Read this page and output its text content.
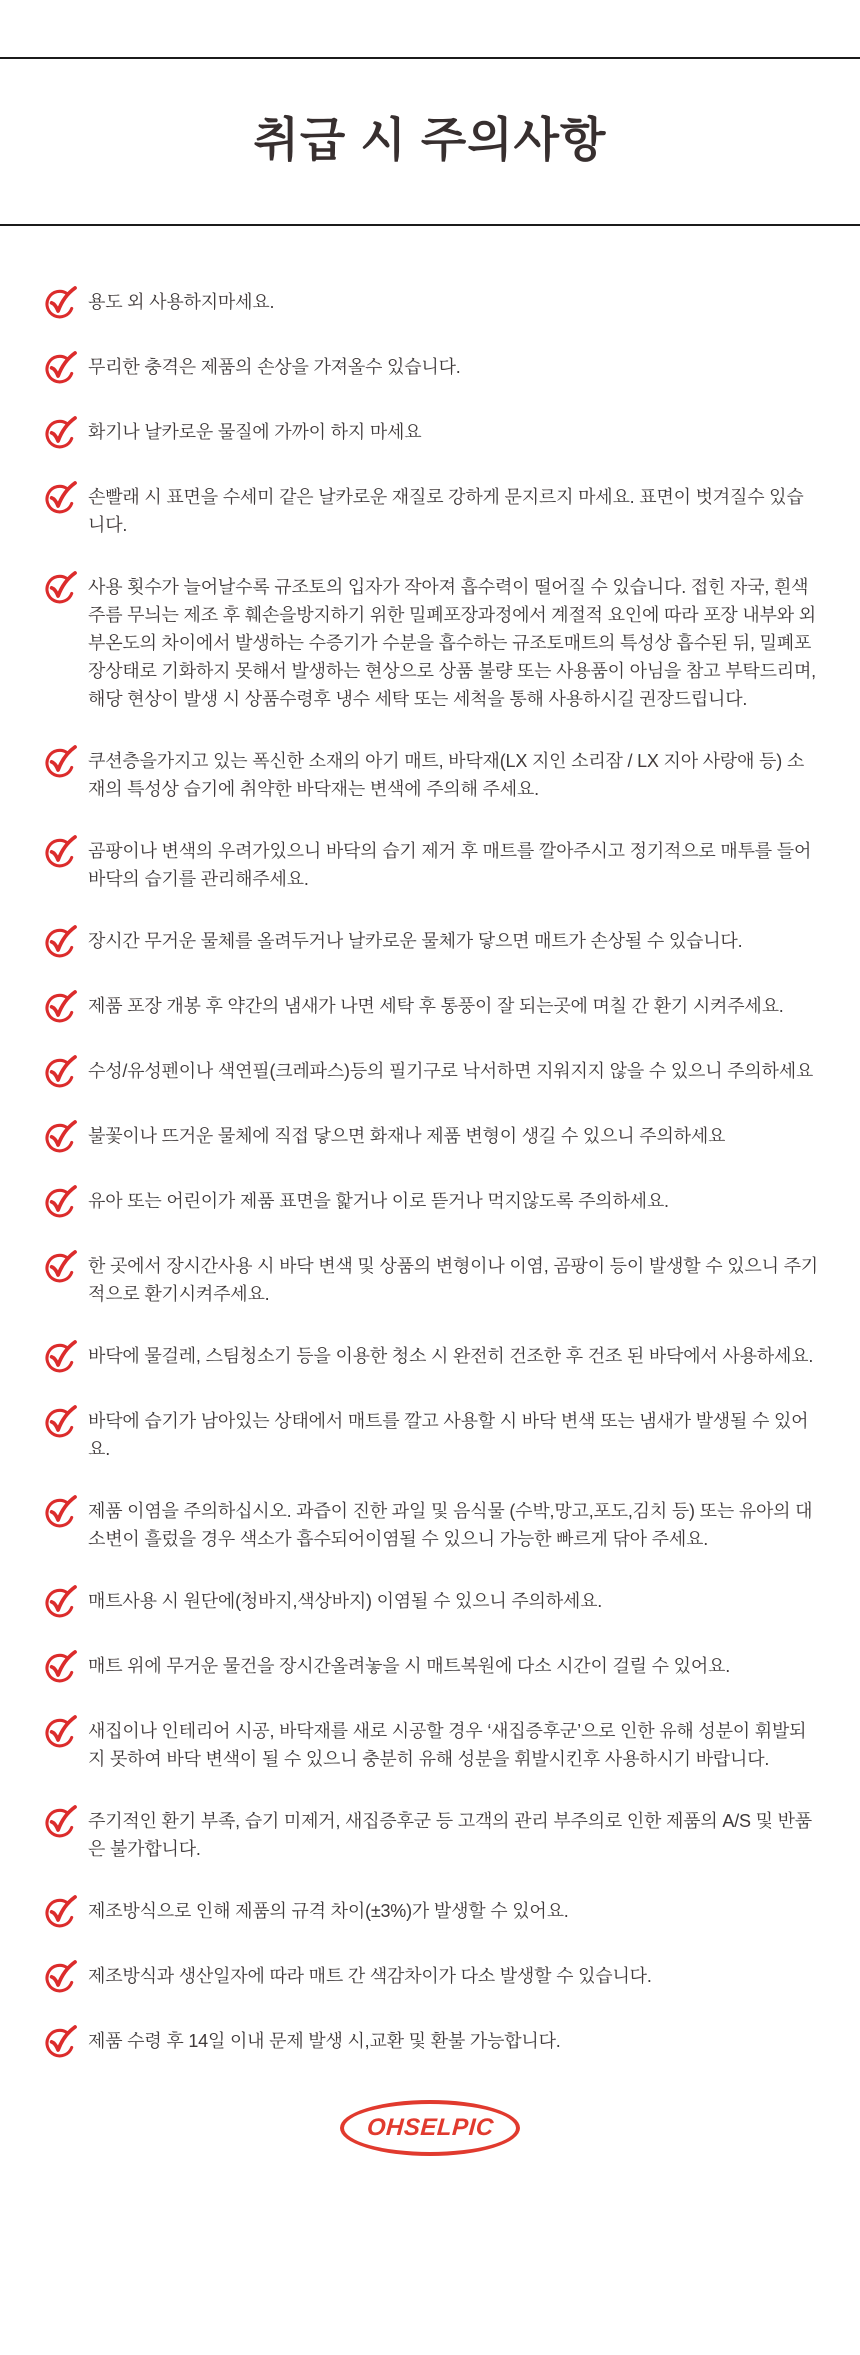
취급 시 주의사항

용도 외 사용하지마세요.

무리한 충격은 제품의 손상을 가져올수 있습니다.

화기나 날카로운 물질에 가까이 하지 마세요

손빨래 시 표면을 수세미 같은 날카로운 재질로 강하게 문지르지 마세요. 표면이 벗겨질수 있습니다.

사용 횟수가 늘어날수록 규조토의 입자가 작아져 흡수력이 떨어질 수 있습니다. 접힌 자국, 흰색 주름 무늬는 제조 후 훼손을방지하기 위한 밀폐포장과정에서 계절적 요인에 따라 포장 내부와 외부온도의 차이에서 발생하는 수증기가 수분을 흡수하는 규조토매트의 특성상 흡수된 뒤, 밀폐포장상태로 기화하지 못해서 발생하는 현상으로 상품 불량 또는 사용품이 아님을 참고 부탁드리며,해당 현상이 발생 시 상품수령후 냉수 세탁 또는 세척을 통해 사용하시길 권장드립니다.

쿠션층을가지고 있는 폭신한 소재의 아기 매트, 바닥재(LX 지인 소리잠 / LX 지아 사랑애 등) 소재의 특성상 습기에 취약한 바닥재는 변색에 주의해 주세요.

곰팡이나 변색의 우려가있으니 바닥의 습기 제거 후 매트를 깔아주시고 정기적으로 매투를 들어 바닥의 습기를 관리해주세요.

장시간 무거운 물체를 올려두거나 날카로운 물체가 닿으면 매트가 손상될 수 있습니다.

제품 포장 개봉 후 약간의 냄새가 나면 세탁 후 통풍이 잘 되는곳에 며칠 간 환기 시켜주세요.

수성/유성펜이나 색연필(크레파스)등의 필기구로 낙서하면 지워지지 않을 수 있으니 주의하세요

불꽃이나 뜨거운 물체에 직접 닿으면 화재나 제품 변형이 생길 수 있으니 주의하세요

유아 또는 어린이가 제품 표면을 핥거나 이로 뜯거나 먹지않도록 주의하세요.

한 곳에서 장시간사용 시 바닥 변색 및 상품의 변형이나 이염, 곰팡이 등이 발생할 수 있으니 주기적으로 환기시켜주세요.

바닥에 물걸레, 스팀청소기 등을 이용한 청소 시 완전히 건조한 후 건조 된 바닥에서 사용하세요.

바닥에 습기가 남아있는 상태에서 매트를 깔고 사용할 시 바닥 변색 또는 냄새가 발생될 수 있어요.

제품 이염을 주의하십시오. 과즙이 진한 과일 및 음식물 (수박,망고,포도,김치 등) 또는 유아의 대소변이 흘렀을 경우 색소가 흡수되어이염될 수 있으니 가능한 빠르게 닦아 주세요.

매트사용 시 원단에(청바지,색상바지) 이염될 수 있으니 주의하세요.

매트 위에 무거운 물건을 장시간올려놓을 시 매트복원에 다소 시간이 걸릴 수 있어요.

새집이나 인테리어 시공, 바닥재를 새로 시공할 경우 ‘새집증후군’으로 인한 유해 성분이 휘발되지 못하여 바닥 변색이 될 수 있으니 충분히 유해 성분을 휘발시킨후 사용하시기 바랍니다.

주기적인 환기 부족, 습기 미제거, 새집증후군 등 고객의 관리 부주의로 인한 제품의 A/S 및 반품은 불가합니다.

제조방식으로 인해 제품의 규격 차이(±3%)가 발생할 수 있어요.

제조방식과 생산일자에 따라 매트 간 색감차이가 다소 발생할 수 있습니다.

제품 수령 후 14일 이내 문제 발생 시,교환 및 환불 가능합니다.

OHSELPIC
